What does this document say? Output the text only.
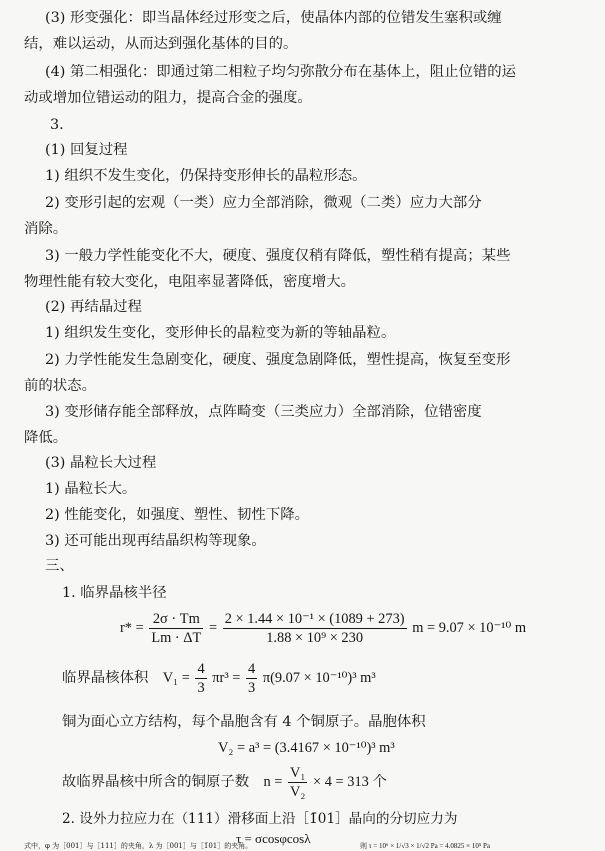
(3) 形变强化：即当晶体经过形变之后，使晶体内部的位错发生塞积或缠
结，难以运动，从而达到强化基体的目的。
(4) 第二相强化：即通过第二相粒子均匀弥散分布在基体上，阻止位错的运
动或增加位错运动的阻力，提高合金的强度。
3.
(1) 回复过程
1) 组织不发生变化，仍保持变形伸长的晶粒形态。
2) 变形引起的宏观（一类）应力全部消除，微观（二类）应力大部分
消除。
3) 一般力学性能变化不大，硬度、强度仅稍有降低，塑性稍有提高；某些
物理性能有较大变化，电阻率显著降低，密度增大。
(2) 再结晶过程
1) 组织发生变化，变形伸长的晶粒变为新的等轴晶粒。
2) 力学性能发生急剧变化，硬度、强度急剧降低，塑性提高，恢复至变形
前的状态。
3) 变形储存能全部释放，点阵畸变（三类应力）全部消除，位错密度
降低。
(3) 晶粒长大过程
1) 晶粒长大。
2) 性能变化，如强度、塑性、韧性下降。
3) 还可能出现再结晶织构等现象。
三、
1. 临界晶核半径
$r* = \frac{2\sigma \cdot Tm}{Lm \cdot \Delta T} = \frac{\text{2 × 1.44 × 10⁻¹ × (1089 + 273)}}{\text{1.88 × 10⁹ × 230}}$ m = 9.07 × 10⁻¹⁰ m
临界晶核体积 $V_1 = \frac{4}{3} \pi r^3 = \frac{4}{3} \pi(9.07 \times 10^{-10})^3$ m³
铜为面心立方结构，每个晶胞含有 4 个铜原子。晶胞体积
V₂ = a³ = (3.4167 × 10⁻¹⁰)³ m³
故临界晶核中所含的铜原子数 $n = \frac{\text{V₁}}{\text{V₂}} \times 4 = 313$ 个
2. 设外力拉应力在（111）滑移面上沿［1̄01］晶向的分切应力为
τ = σcosφcosλ
式中，φ 为［001］与［111］的夹角，λ 为［001］与［1̄01］的夹角。	则 τ = 10⁶ × 1/√3 × 1/√2 Pa = 4.0825 × 10⁵ Pa
